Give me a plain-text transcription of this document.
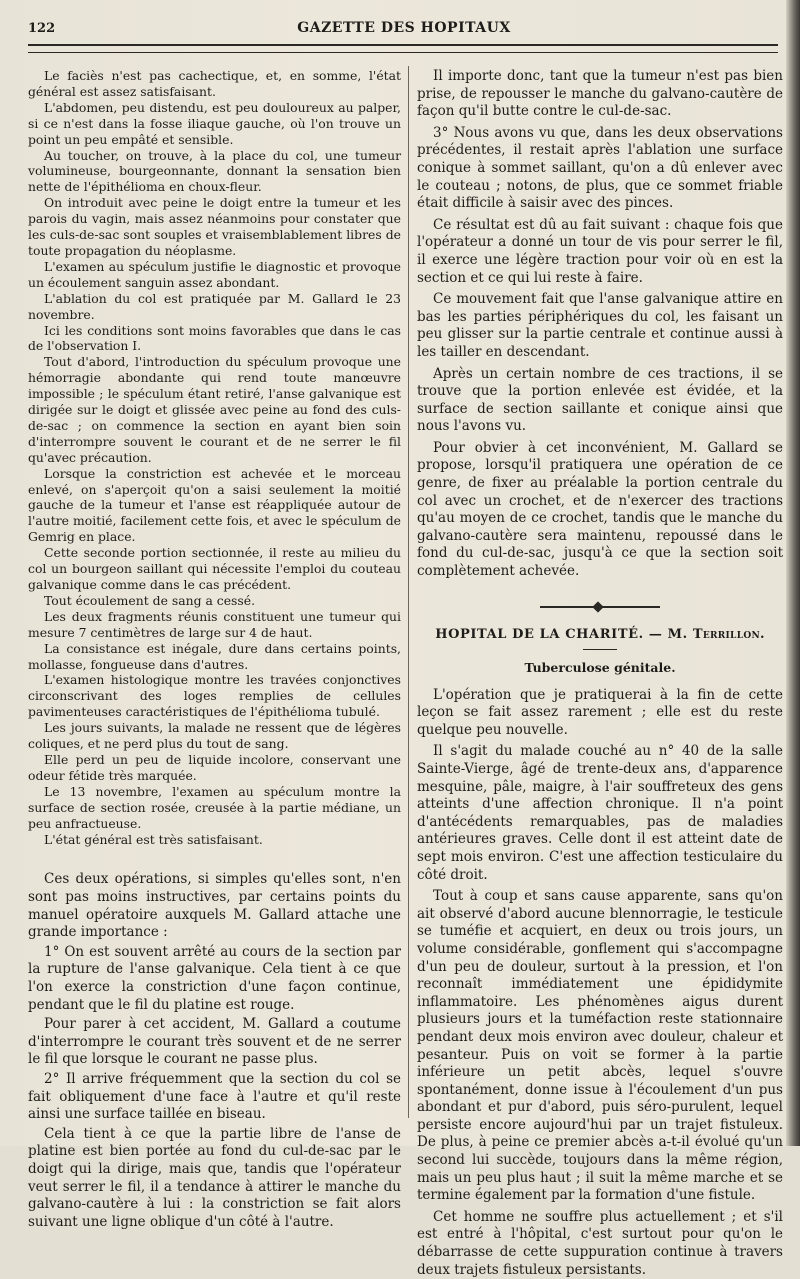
122	GAZETTE DES HOPITAUX

Le faciès n'est pas cachectique, et, en somme, l'état général est assez satisfaisant.

L'abdomen, peu distendu, est peu douloureux au palper, si ce n'est dans la fosse iliaque gauche, où l'on trouve un point un peu empâté et sensible.

Au toucher, on trouve, à la place du col, une tumeur volumineuse, bourgeonnante, donnant la sensation bien nette de l'épithélioma en choux-fleur.

On introduit avec peine le doigt entre la tumeur et les parois du vagin, mais assez néanmoins pour constater que les culs-de-sac sont souples et vraisemblablement libres de toute propagation du néoplasme.

L'examen au spéculum justifie le diagnostic et provoque un écoulement sanguin assez abondant.

L'ablation du col est pratiquée par M. Gallard le 23 novembre.

Ici les conditions sont moins favorables que dans le cas de l'observation I.

Tout d'abord, l'introduction du spéculum provoque une hémorragie abondante qui rend toute manœuvre impossible ; le spéculum étant retiré, l'anse galvanique est dirigée sur le doigt et glissée avec peine au fond des culs-de-sac ; on commence la section en ayant bien soin d'interrompre souvent le courant et de ne serrer le fil qu'avec précaution.

Lorsque la constriction est achevée et le morceau enlevé, on s'aperçoit qu'on a saisi seulement la moitié gauche de la tumeur et l'anse est réappliquée autour de l'autre moitié, facilement cette fois, et avec le spéculum de Gemrig en place.

Cette seconde portion sectionnée, il reste au milieu du col un bourgeon saillant qui nécessite l'emploi du couteau galvanique comme dans le cas précédent.

Tout écoulement de sang a cessé.

Les deux fragments réunis constituent une tumeur qui mesure 7 centimètres de large sur 4 de haut.

La consistance est inégale, dure dans certains points, mollasse, fongueuse dans d'autres.

L'examen histologique montre les travées conjonctives circonscrivant des loges remplies de cellules pavimenteuses caractéristiques de l'épithélioma tubulé.

Les jours suivants, la malade ne ressent que de légères coliques, et ne perd plus du tout de sang.

Elle perd un peu de liquide incolore, conservant une odeur fétide très marquée.

Le 13 novembre, l'examen au spéculum montre la surface de section rosée, creusée à la partie médiane, un peu anfractueuse.

L'état général est très satisfaisant.

Ces deux opérations, si simples qu'elles sont, n'en sont pas moins instructives, par certains points du manuel opératoire auxquels M. Gallard attache une grande importance :

1° On est souvent arrêté au cours de la section par la rupture de l'anse galvanique. Cela tient à ce que l'on exerce la constriction d'une façon continue, pendant que le fil du platine est rouge.

Pour parer à cet accident, M. Gallard a coutume d'interrompre le courant très souvent et de ne serrer le fil que lorsque le courant ne passe plus.

2° Il arrive fréquemment que la section du col se fait obliquement d'une face à l'autre et qu'il reste ainsi une surface taillée en biseau.

Cela tient à ce que la partie libre de l'anse de platine est bien portée au fond du cul-de-sac par le doigt qui la dirige, mais que, tandis que l'opérateur veut serrer le fil, il a tendance à attirer le manche du galvano-cautère à lui : la constriction se fait alors suivant une ligne oblique d'un côté à l'autre.

Il importe donc, tant que la tumeur n'est pas bien prise, de repousser le manche du galvano-cautère de façon qu'il butte contre le cul-de-sac.

3° Nous avons vu que, dans les deux observations précédentes, il restait après l'ablation une surface conique à sommet saillant, qu'on a dû enlever avec le couteau ; notons, de plus, que ce sommet friable était difficile à saisir avec des pinces.

Ce résultat est dû au fait suivant : chaque fois que l'opérateur a donné un tour de vis pour serrer le fil, il exerce une légère traction pour voir où en est la section et ce qui lui reste à faire.

Ce mouvement fait que l'anse galvanique attire en bas les parties périphériques du col, les faisant un peu glisser sur la partie centrale et continue aussi à les tailler en descendant.

Après un certain nombre de ces tractions, il se trouve que la portion enlevée est évidée, et la surface de section saillante et conique ainsi que nous l'avons vu.

Pour obvier à cet inconvénient, M. Gallard se propose, lorsqu'il pratiquera une opération de ce genre, de fixer au préalable la portion centrale du col avec un crochet, et de n'exercer des tractions qu'au moyen de ce crochet, tandis que le manche du galvano-cautère sera maintenu, repoussé dans le fond du cul-de-sac, jusqu'à ce que la section soit complètement achevée.

HOPITAL DE LA CHARITÉ. — M. Terrillon.
Tuberculose génitale.

L'opération que je pratiquerai à la fin de cette leçon se fait assez rarement ; elle est du reste quelque peu nouvelle.

Il s'agit du malade couché au n° 40 de la salle Sainte-Vierge, âgé de trente-deux ans, d'apparence mesquine, pâle, maigre, à l'air souffreteux des gens atteints d'une affection chronique. Il n'a point d'antécédents remarquables, pas de maladies antérieures graves. Celle dont il est atteint date de sept mois environ. C'est une affection testiculaire du côté droit.

Tout à coup et sans cause apparente, sans qu'on ait observé d'abord aucune blennorragie, le testicule se tuméfie et acquiert, en deux ou trois jours, un volume considérable, gonflement qui s'accompagne d'un peu de douleur, surtout à la pression, et l'on reconnaît immédiatement une épididymite inflammatoire. Les phénomènes aigus durent plusieurs jours et la tuméfaction reste stationnaire pendant deux mois environ avec douleur, chaleur et pesanteur. Puis on voit se former à la partie inférieure un petit abcès, lequel s'ouvre spontanément, donne issue à l'écoulement d'un pus abondant et pur d'abord, puis séro-purulent, lequel persiste encore aujourd'hui par un trajet fistuleux. De plus, à peine ce premier abcès a-t-il évolué qu'un second lui succède, toujours dans la même région, mais un peu plus haut ; il suit la même marche et se termine également par la formation d'une fistule.

Cet homme ne souffre plus actuellement ; et s'il est entré à l'hôpital, c'est surtout pour qu'on le débarrasse de cette suppuration continue à travers deux trajets fistuleux persistants.
